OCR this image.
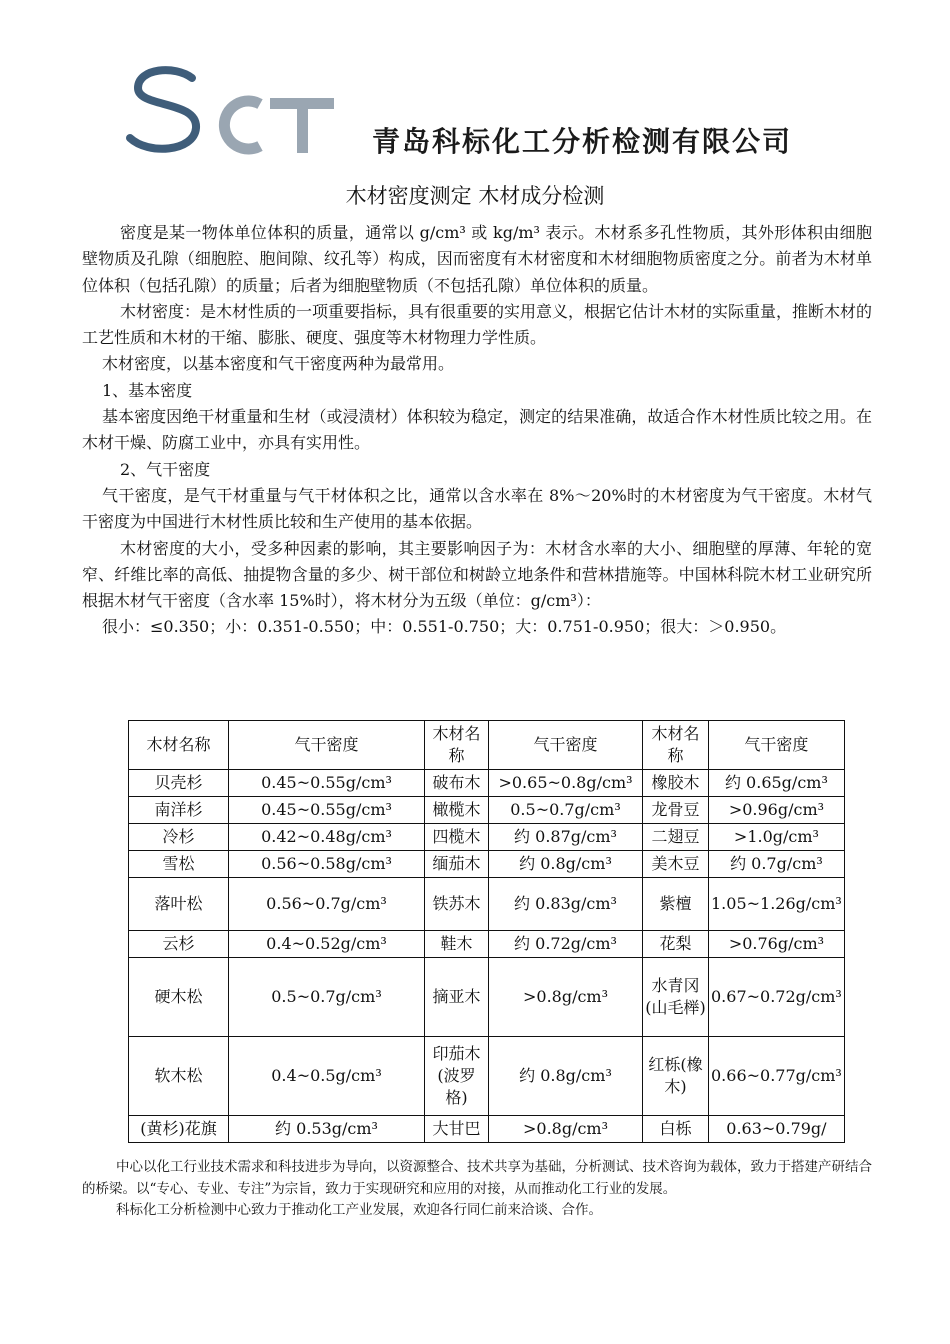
青岛科标化工分析检测有限公司
木材密度测定 木材成分检测

密度是某一物体单位体积的质量，通常以 g/cm³ 或 kg/m³ 表示。木材系多孔性物质，其外形体积由细胞壁物质及孔隙（细胞腔、胞间隙、纹孔等）构成，因而密度有木材密度和木材细胞物质密度之分。前者为木材单位体积（包括孔隙）的质量；后者为细胞壁物质（不包括孔隙）单位体积的质量。

木材密度：是木材性质的一项重要指标，具有很重要的实用意义，根据它估计木材的实际重量，推断木材的工艺性质和木材的干缩、膨胀、硬度、强度等木材物理力学性质。

木材密度，以基本密度和气干密度两种为最常用。

1、基本密度

基本密度因绝干材重量和生材（或浸渍材）体积较为稳定，测定的结果准确，故适合作木材性质比较之用。在木材干燥、防腐工业中，亦具有实用性。

2、气干密度

气干密度，是气干材重量与气干材体积之比，通常以含水率在 8%～20%时的木材密度为气干密度。木材气干密度为中国进行木材性质比较和生产使用的基本依据。

木材密度的大小，受多种因素的影响，其主要影响因子为：木材含水率的大小、细胞壁的厚薄、年轮的宽窄、纤维比率的高低、抽提物含量的多少、树干部位和树龄立地条件和营林措施等。中国林科院木材工业研究所根据木材气干密度（含水率 15%时），将木材分为五级（单位：g/cm³）：

很小：≤0.350；小：0.351-0.550；中：0.551-0.750；大：0.751-0.950；很大：＞0.950。

木材名称	气干密度	木材名称	气干密度	木材名称	气干密度
贝壳杉	0.45~0.55g/cm³	破布木	>0.65~0.8g/cm³	橡胶木	约 0.65g/cm³
南洋杉	0.45~0.55g/cm³	橄榄木	0.5~0.7g/cm³	龙骨豆	>0.96g/cm³
冷杉	0.42~0.48g/cm³	四榄木	约 0.87g/cm³	二翅豆	>1.0g/cm³
雪松	0.56~0.58g/cm³	缅茄木	约 0.8g/cm³	美木豆	约 0.7g/cm³
落叶松	0.56~0.7g/cm³	铁苏木	约 0.83g/cm³	紫檀	1.05~1.26g/cm³
云杉	0.4~0.52g/cm³	鞋木	约 0.72g/cm³	花梨	>0.76g/cm³
硬木松	0.5~0.7g/cm³	摘亚木	>0.8g/cm³	水青冈(山毛榉)	0.67~0.72g/cm³
软木松	0.4~0.5g/cm³	印茄木(波罗格)	约 0.8g/cm³	红栎(橡木)	0.66~0.77g/cm³
(黄杉)花旗	约 0.53g/cm³	大甘巴	>0.8g/cm³	白栎	0.63~0.79g/

中心以化工行业技术需求和科技进步为导向，以资源整合、技术共享为基础，分析测试、技术咨询为载体，致力于搭建产研结合的桥梁。以“专心、专业、专注”为宗旨，致力于实现研究和应用的对接，从而推动化工行业的发展。

科标化工分析检测中心致力于推动化工产业发展，欢迎各行同仁前来洽谈、合作。
